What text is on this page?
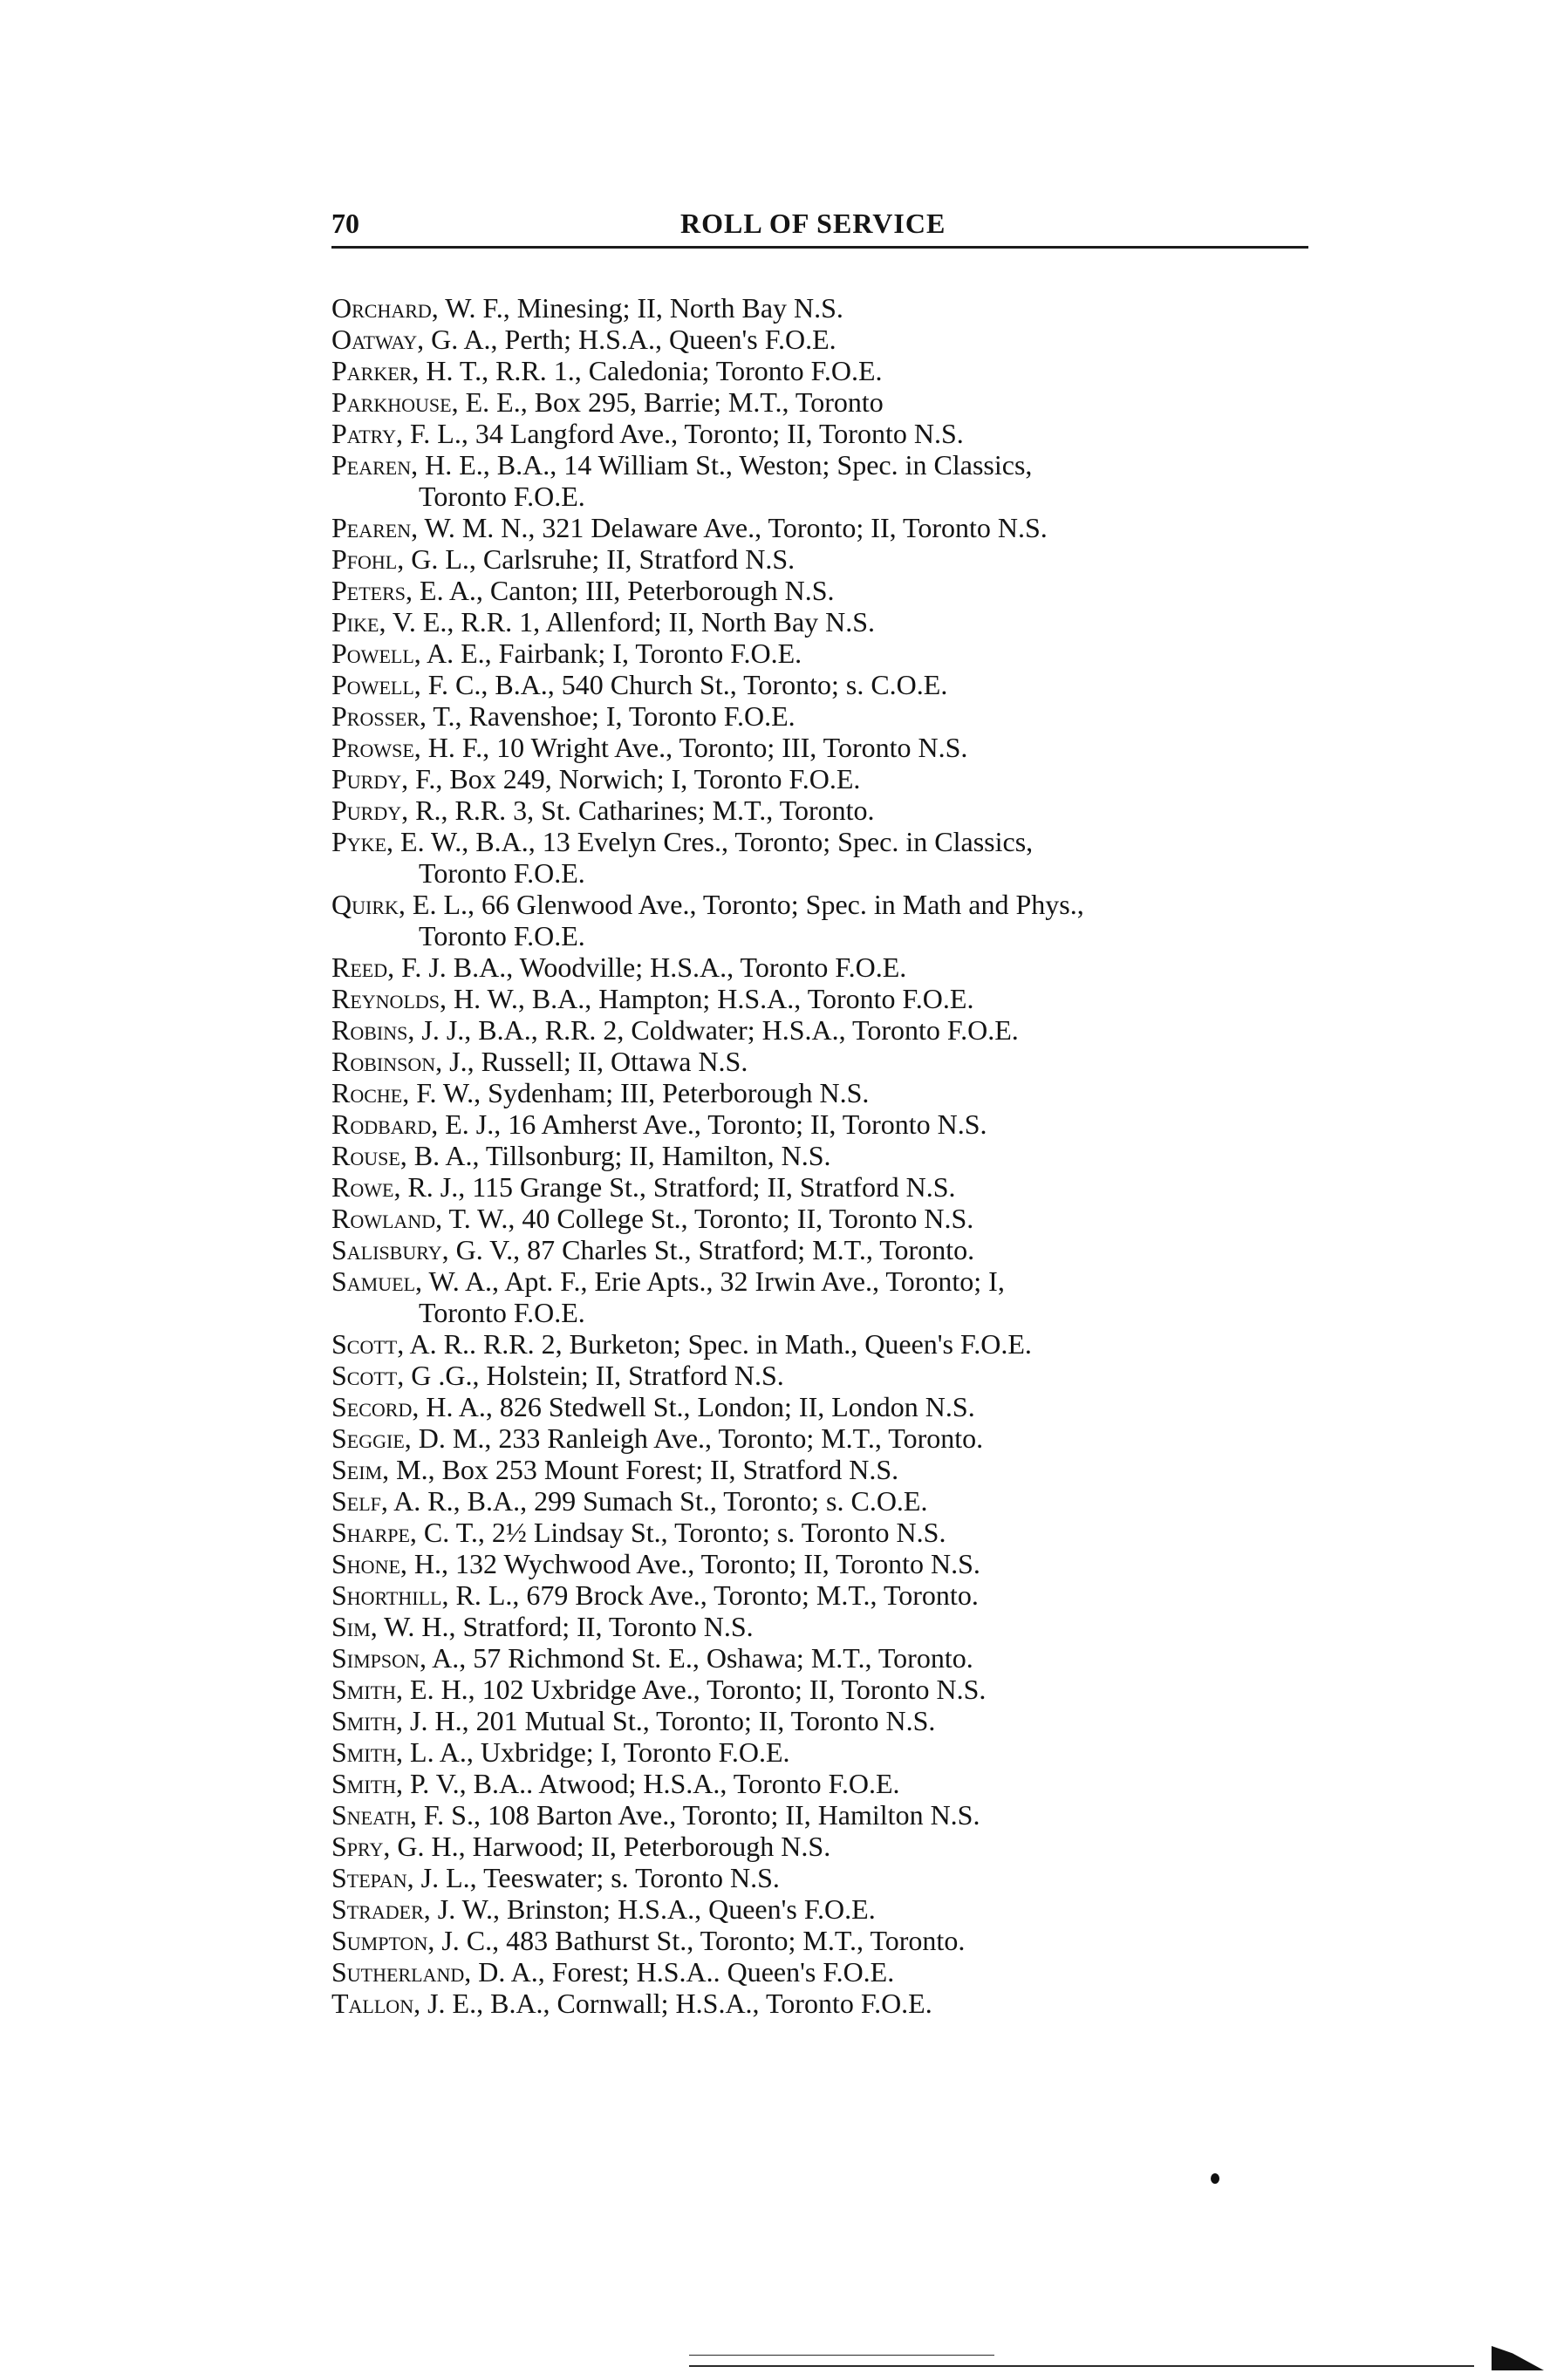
70	ROLL OF SERVICE
Orchard, W. F., Minesing; II, North Bay N.S.
Oatway, G. A., Perth; H.S.A., Queen's F.O.E.
Parker, H. T., R.R. 1., Caledonia; Toronto F.O.E.
Parkhouse, E. E., Box 295, Barrie; M.T., Toronto
Patry, F. L., 34 Langford Ave., Toronto; II, Toronto N.S.
Pearen, H. E., B.A., 14 William St., Weston; Spec. in Classics,
Toronto F.O.E.
Pearen, W. M. N., 321 Delaware Ave., Toronto; II, Toronto N.S.
Pfohl, G. L., Carlsruhe; II, Stratford N.S.
Peters, E. A., Canton; III, Peterborough N.S.
Pike, V. E., R.R. 1, Allenford; II, North Bay N.S.
Powell, A. E., Fairbank; I, Toronto F.O.E.
Powell, F. C., B.A., 540 Church St., Toronto; s. C.O.E.
Prosser, T., Ravenshoe; I, Toronto F.O.E.
Prowse, H. F., 10 Wright Ave., Toronto; III, Toronto N.S.
Purdy, F., Box 249, Norwich; I, Toronto F.O.E.
Purdy, R., R.R. 3, St. Catharines; M.T., Toronto.
Pyke, E. W., B.A., 13 Evelyn Cres., Toronto; Spec. in Classics,
Toronto F.O.E.
Quirk, E. L., 66 Glenwood Ave., Toronto; Spec. in Math and Phys.,
Toronto F.O.E.
Reed, F. J. B.A., Woodville; H.S.A., Toronto F.O.E.
Reynolds, H. W., B.A., Hampton; H.S.A., Toronto F.O.E.
Robins, J. J., B.A., R.R. 2, Coldwater; H.S.A., Toronto F.O.E.
Robinson, J., Russell; II, Ottawa N.S.
Roche, F. W., Sydenham; III, Peterborough N.S.
Rodbard, E. J., 16 Amherst Ave., Toronto; II, Toronto N.S.
Rouse, B. A., Tillsonburg; II, Hamilton, N.S.
Rowe, R. J., 115 Grange St., Stratford; II, Stratford N.S.
Rowland, T. W., 40 College St., Toronto; II, Toronto N.S.
Salisbury, G. V., 87 Charles St., Stratford; M.T., Toronto.
Samuel, W. A., Apt. F., Erie Apts., 32 Irwin Ave., Toronto; I,
Toronto F.O.E.
Scott, A. R.. R.R. 2, Burketon; Spec. in Math., Queen's F.O.E.
Scott, G .G., Holstein; II, Stratford N.S.
Secord, H. A., 826 Stedwell St., London; II, London N.S.
Seggie, D. M., 233 Ranleigh Ave., Toronto; M.T., Toronto.
Seim, M., Box 253 Mount Forest; II, Stratford N.S.
Self, A. R., B.A., 299 Sumach St., Toronto; s. C.O.E.
Sharpe, C. T., 2½ Lindsay St., Toronto; s. Toronto N.S.
Shone, H., 132 Wychwood Ave., Toronto; II, Toronto N.S.
Shorthill, R. L., 679 Brock Ave., Toronto; M.T., Toronto.
Sim, W. H., Stratford; II, Toronto N.S.
Simpson, A., 57 Richmond St. E., Oshawa; M.T., Toronto.
Smith, E. H., 102 Uxbridge Ave., Toronto; II, Toronto N.S.
Smith, J. H., 201 Mutual St., Toronto; II, Toronto N.S.
Smith, L. A., Uxbridge; I, Toronto F.O.E.
Smith, P. V., B.A.. Atwood; H.S.A., Toronto F.O.E.
Sneath, F. S., 108 Barton Ave., Toronto; II, Hamilton N.S.
Spry, G. H., Harwood; II, Peterborough N.S.
Stepan, J. L., Teeswater; s. Toronto N.S.
Strader, J. W., Brinston; H.S.A., Queen's F.O.E.
Sumpton, J. C., 483 Bathurst St., Toronto; M.T., Toronto.
Sutherland, D. A., Forest; H.S.A.. Queen's F.O.E.
Tallon, J. E., B.A., Cornwall; H.S.A., Toronto F.O.E.
